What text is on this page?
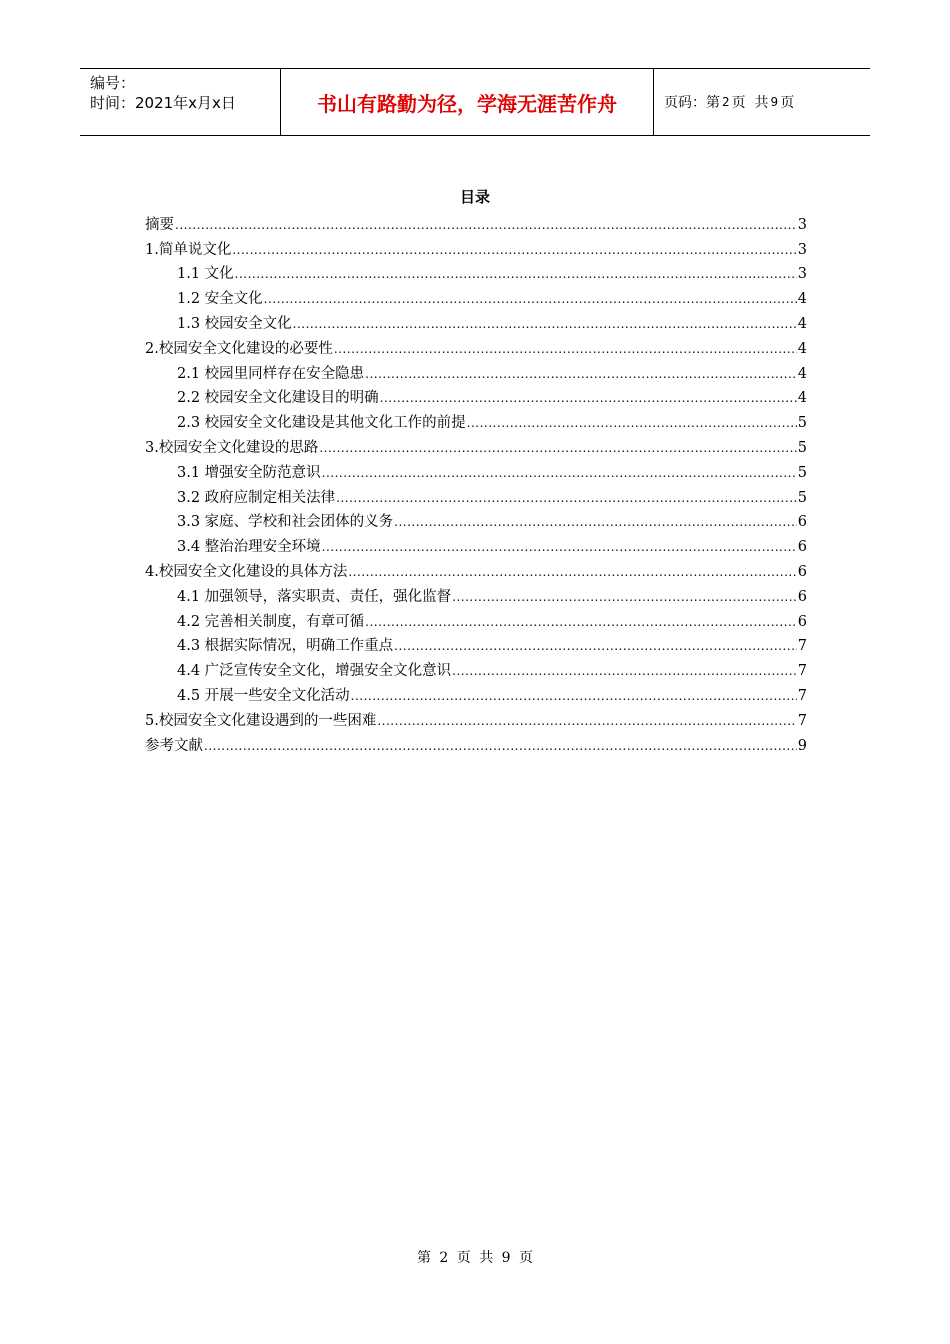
编号：
时间：2021年x月x日	书山有路勤为径，学海无涯苦作舟	页码：第 2 页  共 9 页
目录
摘要 .....	3
1.简单说文化 .....	3
1.1 文化 .....	3
1.2 安全文化 .....	4
1.3 校园安全文化 .....	4
2.校园安全文化建设的必要性 .....	4
2.1 校园里同样存在安全隐患 .....	4
2.2 校园安全文化建设目的明确 .....	4
2.3 校园安全文化建设是其他文化工作的前提 .....	5
3.校园安全文化建设的思路 .....	5
3.1 增强安全防范意识 .....	5
3.2 政府应制定相关法律 .....	5
3.3 家庭、学校和社会团体的义务 .....	6
3.4 整治治理安全环境 .....	6
4.校园安全文化建设的具体方法 .....	6
4.1 加强领导，落实职责、责任，强化监督 .....	6
4.2 完善相关制度，有章可循 .....	6
4.3 根据实际情况，明确工作重点 .....	7
4.4 广泛宣传安全文化，增强安全文化意识 .....	7
4.5 开展一些安全文化活动 .....	7
5.校园安全文化建设遇到的一些困难 .....	7
参考文献 .....	9
第 2 页 共 9 页
